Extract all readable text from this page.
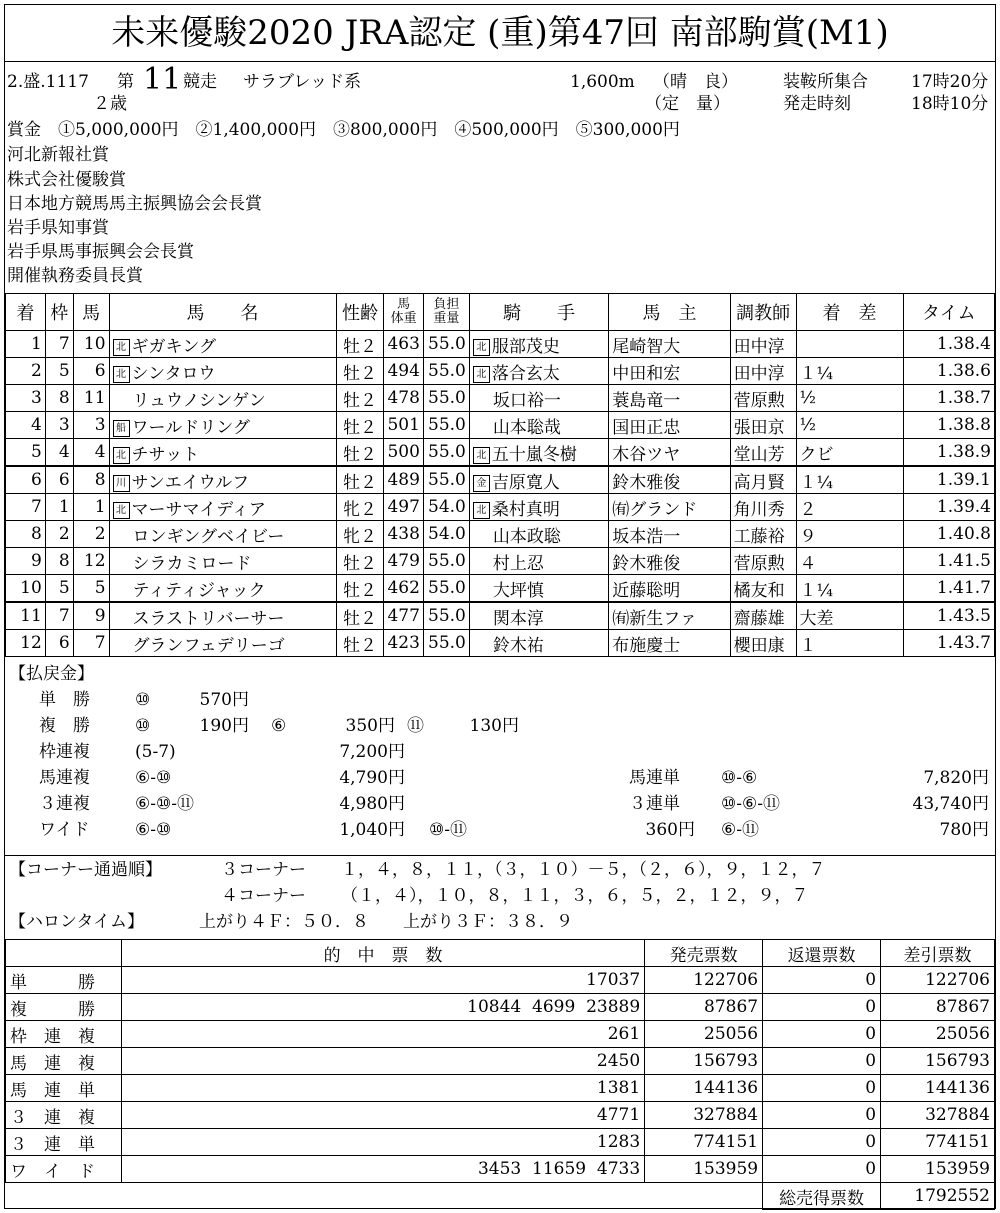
未来優駿2020 JRA認定 (重)第47回 南部駒賞(M1)
2.盛.1117 第 11 競走 サラブレッド系
２歳
1,600m （晴　良）
（定　量）
装鞍所集合	17時20分
発走時刻	18時10分
賞金　①5,000,000円　②1,400,000円　③800,000円　④500,000円　⑤300,000円
河北新報社賞
株式会社優駿賞
日本地方競馬馬主振興協会会長賞
岩手県知事賞
岩手県馬事振興会会長賞
開催執務委員長賞
着	枠	馬	馬　　名	性齢	馬
体重	負担
重量	騎　　手	馬　主	調教師	着　差	タイム
1	7	10	北 ギガキング	牡２	463	55.0	北 服部茂史	尾崎智大	田中淳		1.38.4
2	5	6	北 シンタロウ	牡２	494	55.0	北 落合玄太	中田和宏	田中淳	１¼	1.38.6
3	8	11	リュウノシンゲン	牡２	478	55.0	坂口裕一	蓑島竜一	菅原勲	½	1.38.7
4	3	3	船 ワールドリング	牡２	501	55.0	山本聡哉	国田正忠	張田京	½	1.38.8
5	4	4	北 チサット	牡２	500	55.0	北 五十嵐冬樹	木谷ツヤ	堂山芳	クビ	1.38.9
6	6	8	川 サンエイウルフ	牡２	489	55.0	金 吉原寛人	鈴木雅俊	高月賢	１¼	1.39.1
7	1	1	北 マーサマイディア	牝２	497	54.0	北 桑村真明	㈲グランド	角川秀	２	1.39.4
8	2	2	ロンギングベイビー	牝２	438	54.0	山本政聡	坂本浩一	工藤裕	９	1.40.8
9	8	12	シラカミロード	牡２	479	55.0	村上忍	鈴木雅俊	菅原勲	４	1.41.5
10	5	5	ティティジャック	牡２	462	55.0	大坪慎	近藤聡明	橘友和	１¼	1.41.7
11	7	9	スラストリバーサー	牡２	477	55.0	関本淳	㈲新生ファ	齋藤雄	大差	1.43.5
12	6	7	グランフェデリーゴ	牡２	423	55.0	鈴木祐	布施慶士	櫻田康	１	1.43.7
【払戻金】
単　勝	⑩	570円
複　勝	⑩	190円 ⑥	350円 ⑪	130円
枠連複	(5-7)	7,200円
馬連複	⑥-⑩	4,790円	馬連単 ⑩-⑥	7,820円
３連複	⑥-⑩-⑪	4,980円	３連単 ⑩-⑥-⑪	43,740円
ワイド	⑥-⑩	1,040円 ⑩-⑪	360円 ⑥-⑪	780円
【コーナー通過順】	３コーナー １，４，８，１１，（３，１０）－５，（２，６），９，１２，７
４コーナー （１，４），１０，８，１１，３，６，５，２，１２，９，７
【ハロンタイム】	上がり４Ｆ：５０．８　　上がり３Ｆ：３８．９
	的　中　票　数	発売票数	返還票数	差引票数
単　　　勝	17037	122706	0	122706
複　　　勝	10844  4699  23889	87867	0	87867
枠　連　複	261	25056	0	25056
馬　連　複	2450	156793	0	156793
馬　連　単	1381	144136	0	144136
３　連　複	4771	327884	0	327884
３　連　単	1283	774151	0	774151
ワ　イ　ド	3453  11659  4733	153959	0	153959
			総売得票数	1792552
